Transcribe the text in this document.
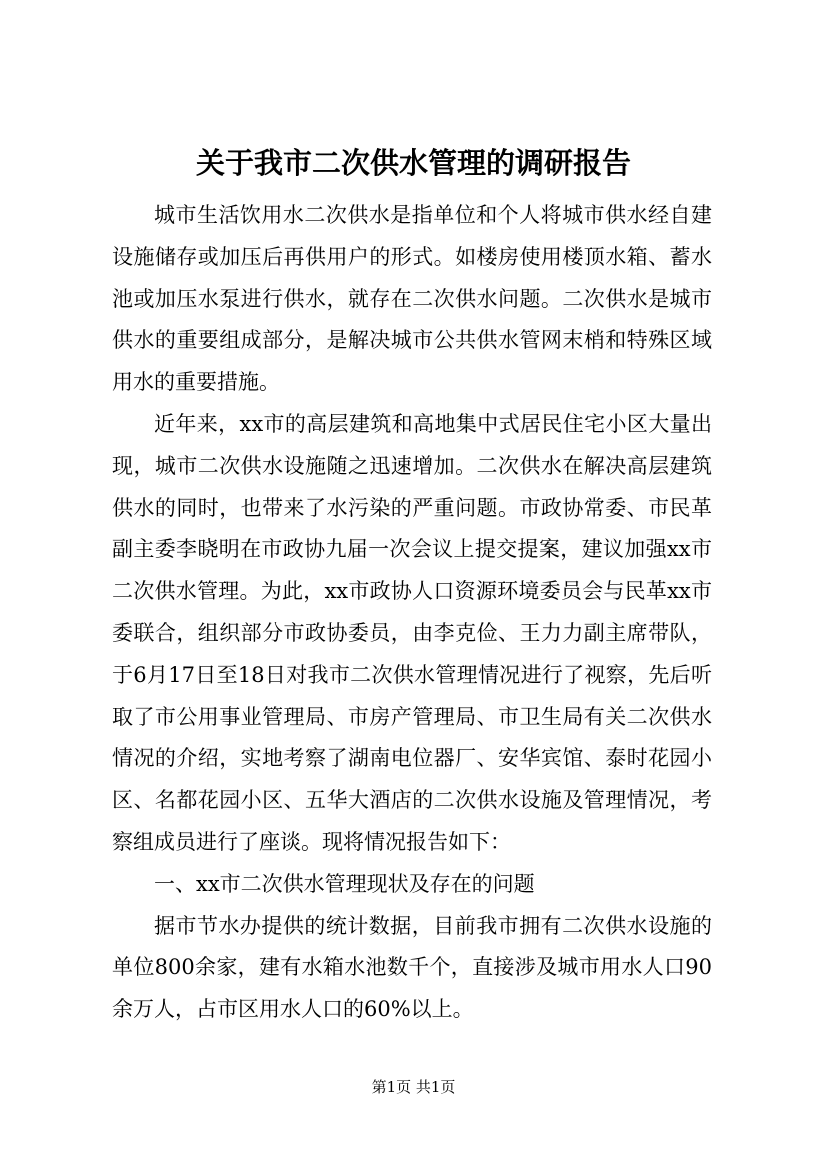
关于我市二次供水管理的调研报告

城市生活饮用水二次供水是指单位和个人将城市供水经自建设施储存或加压后再供用户的形式。如楼房使用楼顶水箱、蓄水池或加压水泵进行供水，就存在二次供水问题。二次供水是城市供水的重要组成部分，是解决城市公共供水管网末梢和特殊区域用水的重要措施。

近年来，xx市的高层建筑和高地集中式居民住宅小区大量出现，城市二次供水设施随之迅速增加。二次供水在解决高层建筑供水的同时，也带来了水污染的严重问题。市政协常委、市民革副主委李晓明在市政协九届一次会议上提交提案，建议加强xx市二次供水管理。为此，xx市政协人口资源环境委员会与民革xx市委联合，组织部分市政协委员，由李克俭、王力力副主席带队，于6月17日至18日对我市二次供水管理情况进行了视察，先后听取了市公用事业管理局、市房产管理局、市卫生局有关二次供水情况的介绍，实地考察了湖南电位器厂、安华宾馆、泰时花园小区、名都花园小区、五华大酒店的二次供水设施及管理情况，考察组成员进行了座谈。现将情况报告如下：

一、xx市二次供水管理现状及存在的问题

据市节水办提供的统计数据，目前我市拥有二次供水设施的单位800余家，建有水箱水池数千个，直接涉及城市用水人口90余万人，占市区用水人口的60%以上。

第1页 共1页
